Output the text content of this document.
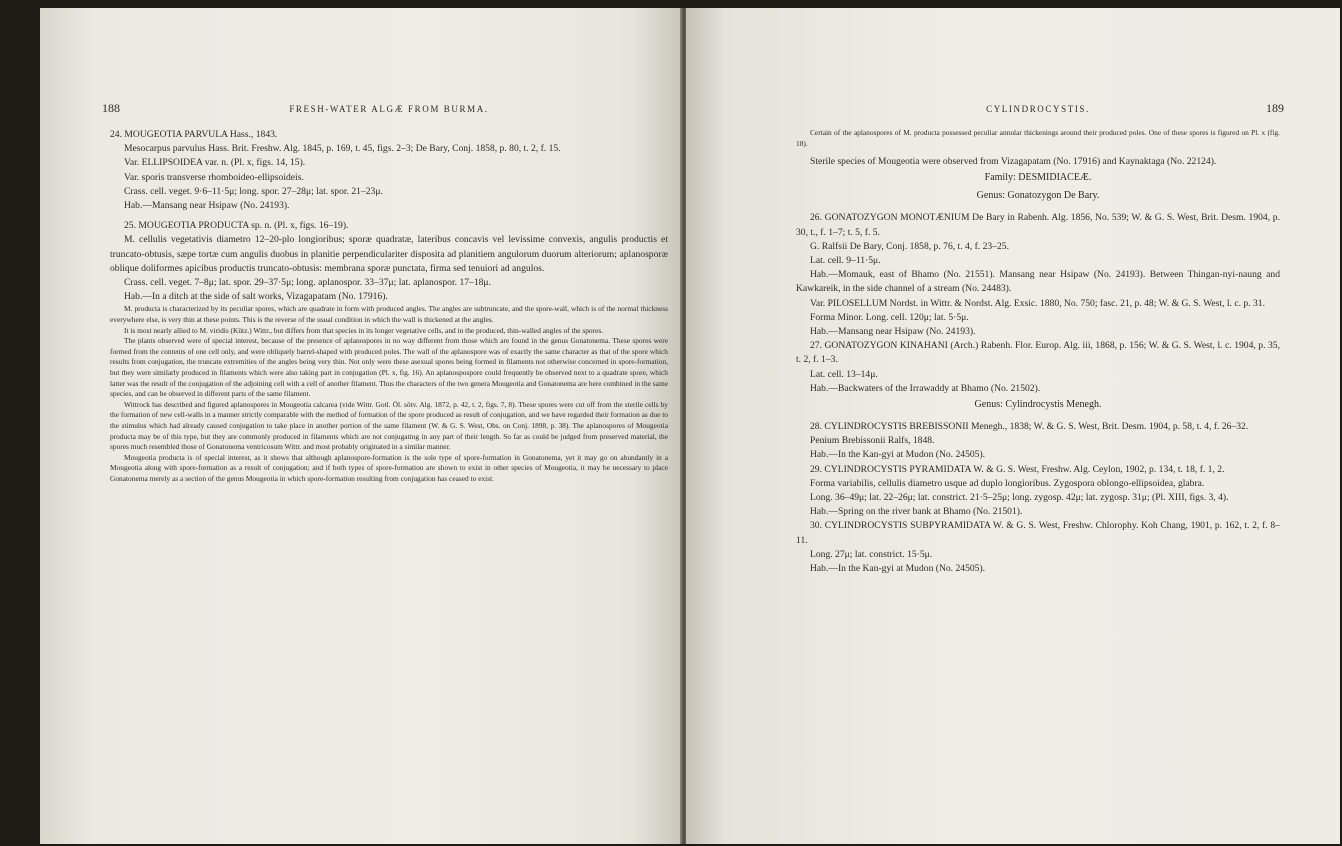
188	FRESH-WATER ALGÆ FROM BURMA.

24. MOUGEOTIA PARVULA Hass., 1843.

Mesocarpus parvulus Hass. Brit. Freshw. Alg. 1845, p. 169, t. 45, figs. 2–3; De Bary, Conj. 1858, p. 80, t. 2, f. 15.

Var. ELLIPSOIDEA var. n. (Pl. x, figs. 14, 15).

Var. sporis transverse rhomboideo-ellipsoideis.

Crass. cell. veget. 9·6–11·5μ; long. spor. 27–28μ; lat. spor. 21–23μ.

Hab.—Mansang near Hsipaw (No. 24193).

25. MOUGEOTIA PRODUCTA sp. n. (Pl. x, figs. 16–19).

M. cellulis vegetativis diametro 12–20-plo longioribus; sporæ quadratæ, lateribus concavis vel levissime convexis, angulis productis et truncato-obtusis, sæpe tortæ cum angulis duobus in planitie perpendiculariter disposita ad planitiem angulorum duorum alteriorum; aplanosporæ oblique doliformes apicibus productis truncato-obtusis: membrana sporæ punctata, firma sed tenuiori ad angulos.

Crass. cell. veget. 7–8μ; lat. spor. 29–37·5μ; long. aplanospor. 33–37μ; lat. aplanospor. 17–18μ.

Hab.—In a ditch at the side of salt works, Vizagapatam (No. 17916).

M. producta is characterized by its peculiar spores, which are quadrate in form with produced angles. The angles are subtruncate, and the spore-wall, which is of the normal thickness everywhere else, is very thin at these points. This is the reverse of the usual condition in which the wall is thickened at the angles.

It is most nearly allied to M. viridis (Kütz.) Wittr., but differs from that species in its longer vegetative cells, and in the produced, thin-walled angles of the spores.

The plants observed were of special interest, because of the presence of aplanospores in no way different from those which are found in the genus Gonatonema. These spores were formed from the contents of one cell only, and were obliquely barrel-shaped with produced poles. The wall of the aplanospore was of exactly the same character as that of the spore which results from conjugation, the truncate extremities of the angles being very thin. Not only were these asexual spores being formed in filaments not otherwise concerned in spore-formation, but they were similarly produced in filaments which were also taking part in conjugation (Pl. x, fig. 16). An aplanospospore could frequently be observed next to a quadrate spore, which latter was the result of the conjugation of the adjoining cell with a cell of another filament. Thus the characters of the two genera Mougeotia and Gonatonema are here combined in the same species, and can be observed in different parts of the same filament.

Wittrock has described and figured aplanospores in Mougeotia calcarea (vide Wittr. Gotl. Öl. sötv. Alg. 1872, p. 42, t. 2, figs. 7, 8). These spores were cut off from the sterile cells by the formation of new cell-walls in a manner strictly comparable with the method of formation of the spore produced as result of conjugation, and we have regarded their formation as due to the stimulus which had already caused conjugation to take place in another portion of the same filament (W. & G. S. West, Obs. on Conj. 1898, p. 38). The aplanospores of Mougeotia producta may be of this type, but they are commonly produced in filaments which are not conjugating in any part of their length. So far as could be judged from preserved material, the spores much resembled those of Gonatonema ventricosum Wittr. and most probably originated in a similar manner.

Mougeotia producta is of special interest, as it shows that although aplanospore-formation is the sole type of spore-formation in Gonatonema, yet it may go on abundantly in a Mougeotia along with spore-formation as a result of conjugation; and if both types of spore-formation are shown to exist in other species of Mougeotia, it may be necessary to place Gonatonema merely as a section of the genus Mougeotia in which spore-formation resulting from conjugation has ceased to exist.

CYLINDROCYSTIS.	189

Certain of the aplanospores of M. producta possessed peculiar annular thickenings around their produced poles. One of these spores is figured on Pl. x (fig. 18).

Sterile species of Mougeotia were observed from Vizagapatam (No. 17916) and Kaynaktaga (No. 22124).

Family: DESMIDIACEÆ.

Genus: Gonatozygon De Bary.

26. GONATOZYGON MONOTÆNIUM De Bary in Rabenh. Alg. 1856, No. 539; W. & G. S. West, Brit. Desm. 1904, p. 30, t., f. 1–7; t. 5, f. 5.

G. Ralfsii De Bary, Conj. 1858, p. 76, t. 4, f. 23–25.

Lat. cell. 9–11·5μ.

Hab.—Momauk, east of Bhamo (No. 21551). Mansang near Hsipaw (No. 24193). Between Thingan-nyi-naung and Kawkareik, in the side channel of a stream (No. 24483).

Var. PILOSELLUM Nordst. in Wittr. & Nordst. Alg. Exsic. 1880, No. 750; fasc. 21, p. 48; W. & G. S. West, l. c. p. 31.

Forma Minor. Long. cell. 120μ; lat. 5·5μ.

Hab.—Mansang near Hsipaw (No. 24193).

27. GONATOZYGON KINAHANI (Arch.) Rabenh. Flor. Europ. Alg. iii, 1868, p. 156; W. & G. S. West, l. c. 1904, p. 35, t. 2, f. 1–3.

Lat. cell. 13–14μ.

Hab.—Backwaters of the Irrawaddy at Bhamo (No. 21502).

Genus: Cylindrocystis Menegh.

28. CYLINDROCYSTIS BREBISSONII Menegh., 1838; W. & G. S. West, Brit. Desm. 1904, p. 58, t. 4, f. 26–32.

Penium Brebissonii Ralfs, 1848.

Hab.—In the Kan-gyi at Mudon (No. 24505).

29. CYLINDROCYSTIS PYRAMIDATA W. & G. S. West, Freshw. Alg. Ceylon, 1902, p. 134, t. 18, f. 1, 2.

Forma variabilis, cellulis diametro usque ad duplo longioribus. Zygospora oblongo-ellipsoidea, glabra.

Long. 36–49μ; lat. 22–26μ; lat. constrict. 21·5–25μ; long. zygosp. 42μ; lat. zygosp. 31μ; (Pl. XIII, figs. 3, 4).

Hab.—Spring on the river bank at Bhamo (No. 21501).

30. CYLINDROCYSTIS SUBPYRAMIDATA W. & G. S. West, Freshw. Chlorophy. Koh Chang, 1901, p. 162, t. 2, f. 8–11.

Long. 27μ; lat. constrict. 15·5μ.

Hab.—In the Kan-gyi at Mudon (No. 24505).
